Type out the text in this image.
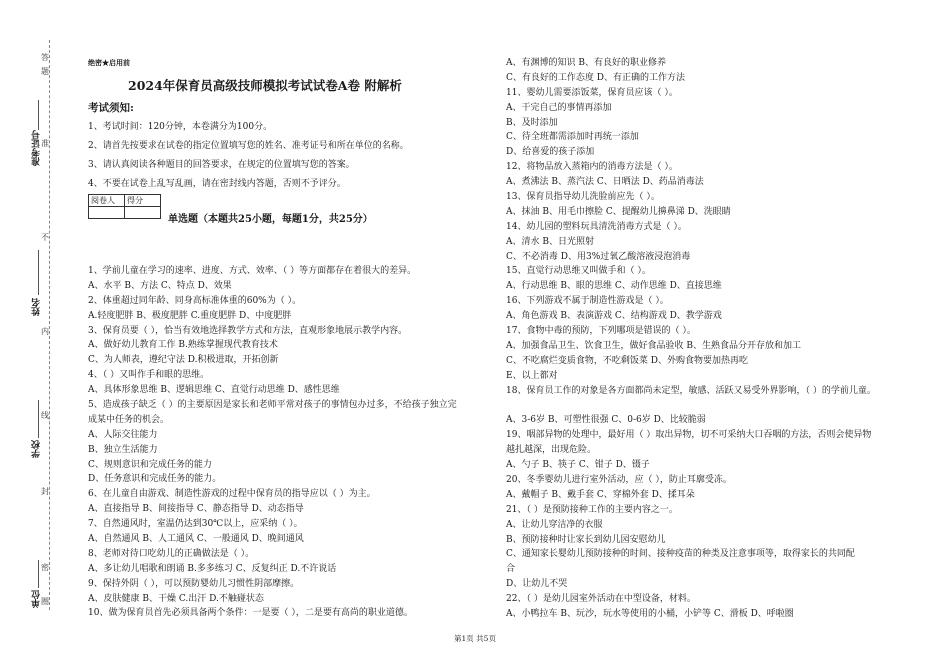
答
题
准
不
内
线
封
密
圈
准考证号
姓名
学校
单位
绝密★启用前
2024年保育员高级技师模拟考试试卷A卷 附解析
考试须知:
1、考试时间：120分钟，本卷满分为100分。
2、请首先按要求在试卷的指定位置填写您的姓名、准考证号和所在单位的名称。
3、请认真阅读各种题目的回答要求，在规定的位置填写您的答案。
4、不要在试卷上乱写乱画，请在密封线内答题，否则不予评分。
阅卷人	得分

单选题（本题共25小题，每题1分，共25分）
1、学前儿童在学习的速率、进度、方式、效率、（ ）等方面都存在着很大的差异。
A、水平 B、方法 C、特点 D、效果
2、体重超过同年龄、同身高标准体重的60%为（ ）。
A.轻度肥胖 B、极度肥胖 C.重度肥胖 D、中度肥胖
3、保育员要（ ），恰当有效地选择教学方式和方法，直观形象地展示教学内容。
A、做好幼儿教育工作 B.熟练掌握现代教育技术
C、为人师表，遵纪守法 D.积极进取，开拓创新
4、（ ）又叫作手和眼的思维。
A、具体形象思维 B、逻辑思维 C、直觉行动思维 D、感性思维
5、造成孩子缺乏（ ）的主要原因是家长和老师平常对孩子的事情包办过多，不给孩子独立完
成某中任务的机会。
A、人际交往能力
B、独立生活能力
C、规则意识和完成任务的能力
D、任务意识和完成任务的能力。
6、在儿童自由游戏、制造性游戏的过程中保育员的指导应以（ ）为主。
A、直接指导 B、间接指导 C、静态指导 D、动态指导
7、自然通风时，室温仍达到30℃以上，应采纳（ ）。
A、自然通风 B、人工通风 C、一般通风 D、晚间通风
8、老师对待口吃幼儿的正确做法是（ ）。
A、多让幼儿唱歌和朗诵 B.多多练习 C、反复纠正 D.不许说话
9、保持外阴（ ），可以预防婴幼儿习惯性阴部摩擦。
A、皮肤健康 B、干燥 C.出汗 D.不触碰状态
10、做为保育员首先必须具备两个条件：一是要（ ），二是要有高尚的职业道德。
A、有渊博的知识 B、有良好的职业修养
C、有良好的工作态度 D、有正确的工作方法
11、婴幼儿需要添饭菜，保育员应该（ ）。
A、干完自己的事情再添加
B、及时添加
C、待全班都需添加时再统一添加
D、给喜爱的孩子添加
12、将物品放入蒸箱内的消毒方法是（ ）。
A、煮沸法 B、蒸汽法 C、日晒法 D、药品消毒法
13、保育员指导幼儿洗脸前应先（ ）。
A、抹油 B、用毛巾擦脸 C、提醒幼儿擤鼻涕 D、洗眼睛
14、幼儿园的塑料玩具清洗消毒方式是（ ）。
A、清水 B、日光照射
C、不必消毒 D、用3%过氧乙酸溶液浸泡消毒
15、直觉行动思维又叫做手和（ ）。
A、行动思维 B、眼的思维 C、动作思维 D、直接思维
16、下列游戏不属于制造性游戏是（ ）。
A、角色游戏 B、表演游戏 C、结构游戏 D、教学游戏
17、食物中毒的预防，下列哪项是错误的（ ）。
A、加强食品卫生、饮食卫生，做好食品验收 B、生熟食品分开存放和加工
C、不吃腐烂变质食物，不吃剩饭菜 D、外购食物要加热再吃
E、以上都对
18、保育员工作的对象是各方面都尚未定型，敏感、活跃又易受外界影响，（ ）的学前儿童。
A、3-6岁 B、可塑性很强 C、0-6岁 D、比较脆弱
19、咽部异物的处理中，最好用（ ）取出异物，切不可采纳大口吞咽的方法，否则会使异物
越扎越深，出现危险。
A、勺子 B、筷子 C、钳子 D、镊子
20、冬季婴幼儿进行室外活动，应（ ），防止耳廓受冻。
A、戴帽子 B、戴手套 C、穿棉外套 D、揉耳朵
21、（ ）是预防接种工作的主要内容之一。
A、让幼儿穿洁净的衣服
B、预防接种时让家长到幼儿园安慰幼儿
C、通知家长婴幼儿预防接种的时间、接种疫苗的种类及注意事项等，取得家长的共同配
合
D、让幼儿不哭
22、（ ）是幼儿园室外活动在中型设备，材料。
A、小鸭拉车 B、玩沙，玩水等使用的小桶，小铲等 C、滑板 D、呼啦圈
第1页 共5页
